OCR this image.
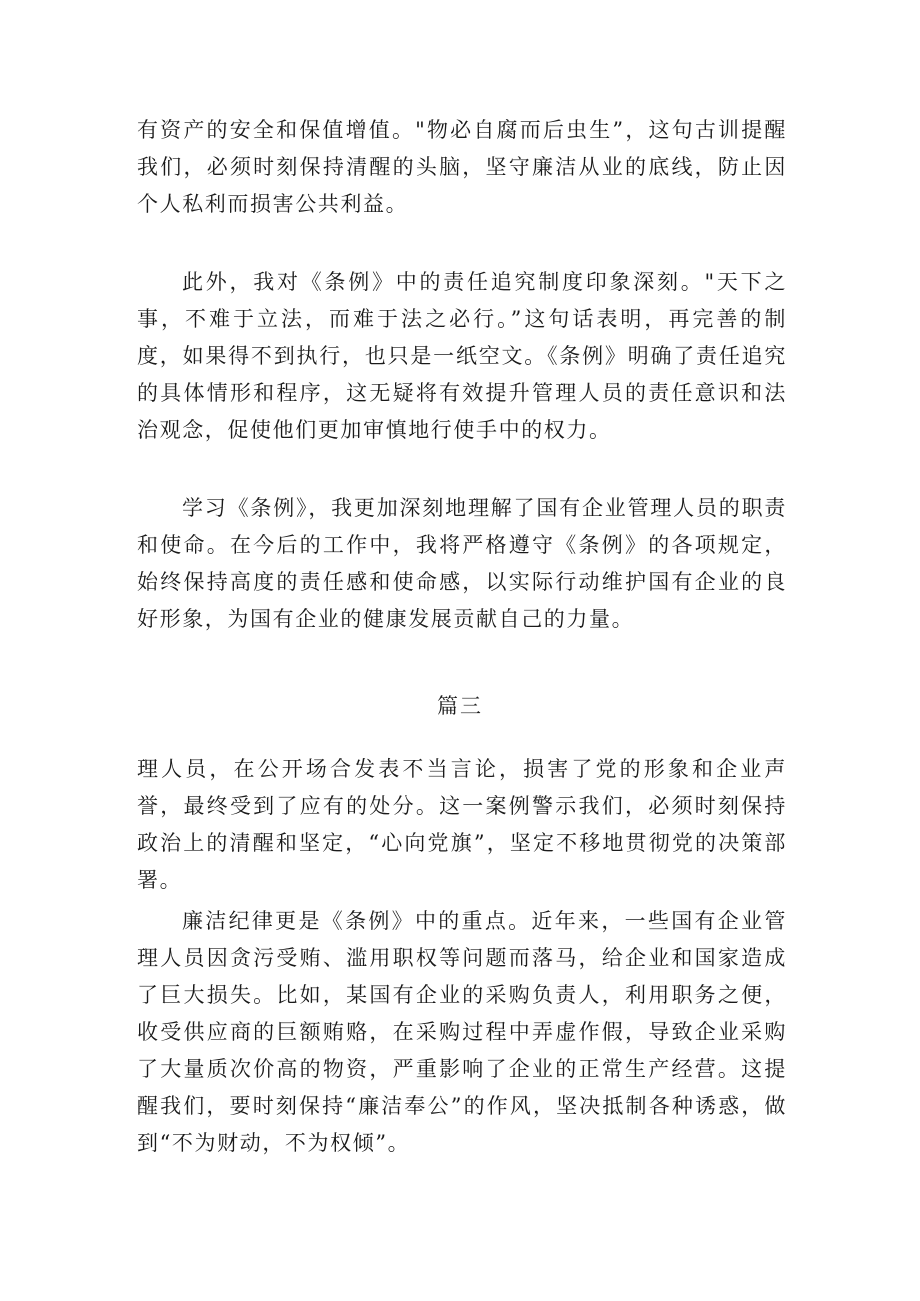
有资产的安全和保值增值。"物必自腐而后虫生”，这句古训提醒我们，必须时刻保持清醒的头脑，坚守廉洁从业的底线，防止因个人私利而损害公共利益。

此外，我对《条例》中的责任追究制度印象深刻。"天下之事，不难于立法，而难于法之必行。”这句话表明，再完善的制度，如果得不到执行，也只是一纸空文。《条例》明确了责任追究的具体情形和程序，这无疑将有效提升管理人员的责任意识和法治观念，促使他们更加审慎地行使手中的权力。

学习《条例》，我更加深刻地理解了国有企业管理人员的职责和使命。在今后的工作中，我将严格遵守《条例》的各项规定，始终保持高度的责任感和使命感，以实际行动维护国有企业的良好形象，为国有企业的健康发展贡献自己的力量。

篇三

理人员，在公开场合发表不当言论，损害了党的形象和企业声誉，最终受到了应有的处分。这一案例警示我们，必须时刻保持政治上的清醒和坚定，“心向党旗”，坚定不移地贯彻党的决策部署。

廉洁纪律更是《条例》中的重点。近年来，一些国有企业管理人员因贪污受贿、滥用职权等问题而落马，给企业和国家造成了巨大损失。比如，某国有企业的采购负责人，利用职务之便，收受供应商的巨额贿赂，在采购过程中弄虚作假，导致企业采购了大量质次价高的物资，严重影响了企业的正常生产经营。这提醒我们，要时刻保持“廉洁奉公”的作风，坚决抵制各种诱惑，做到“不为财动，不为权倾”。
